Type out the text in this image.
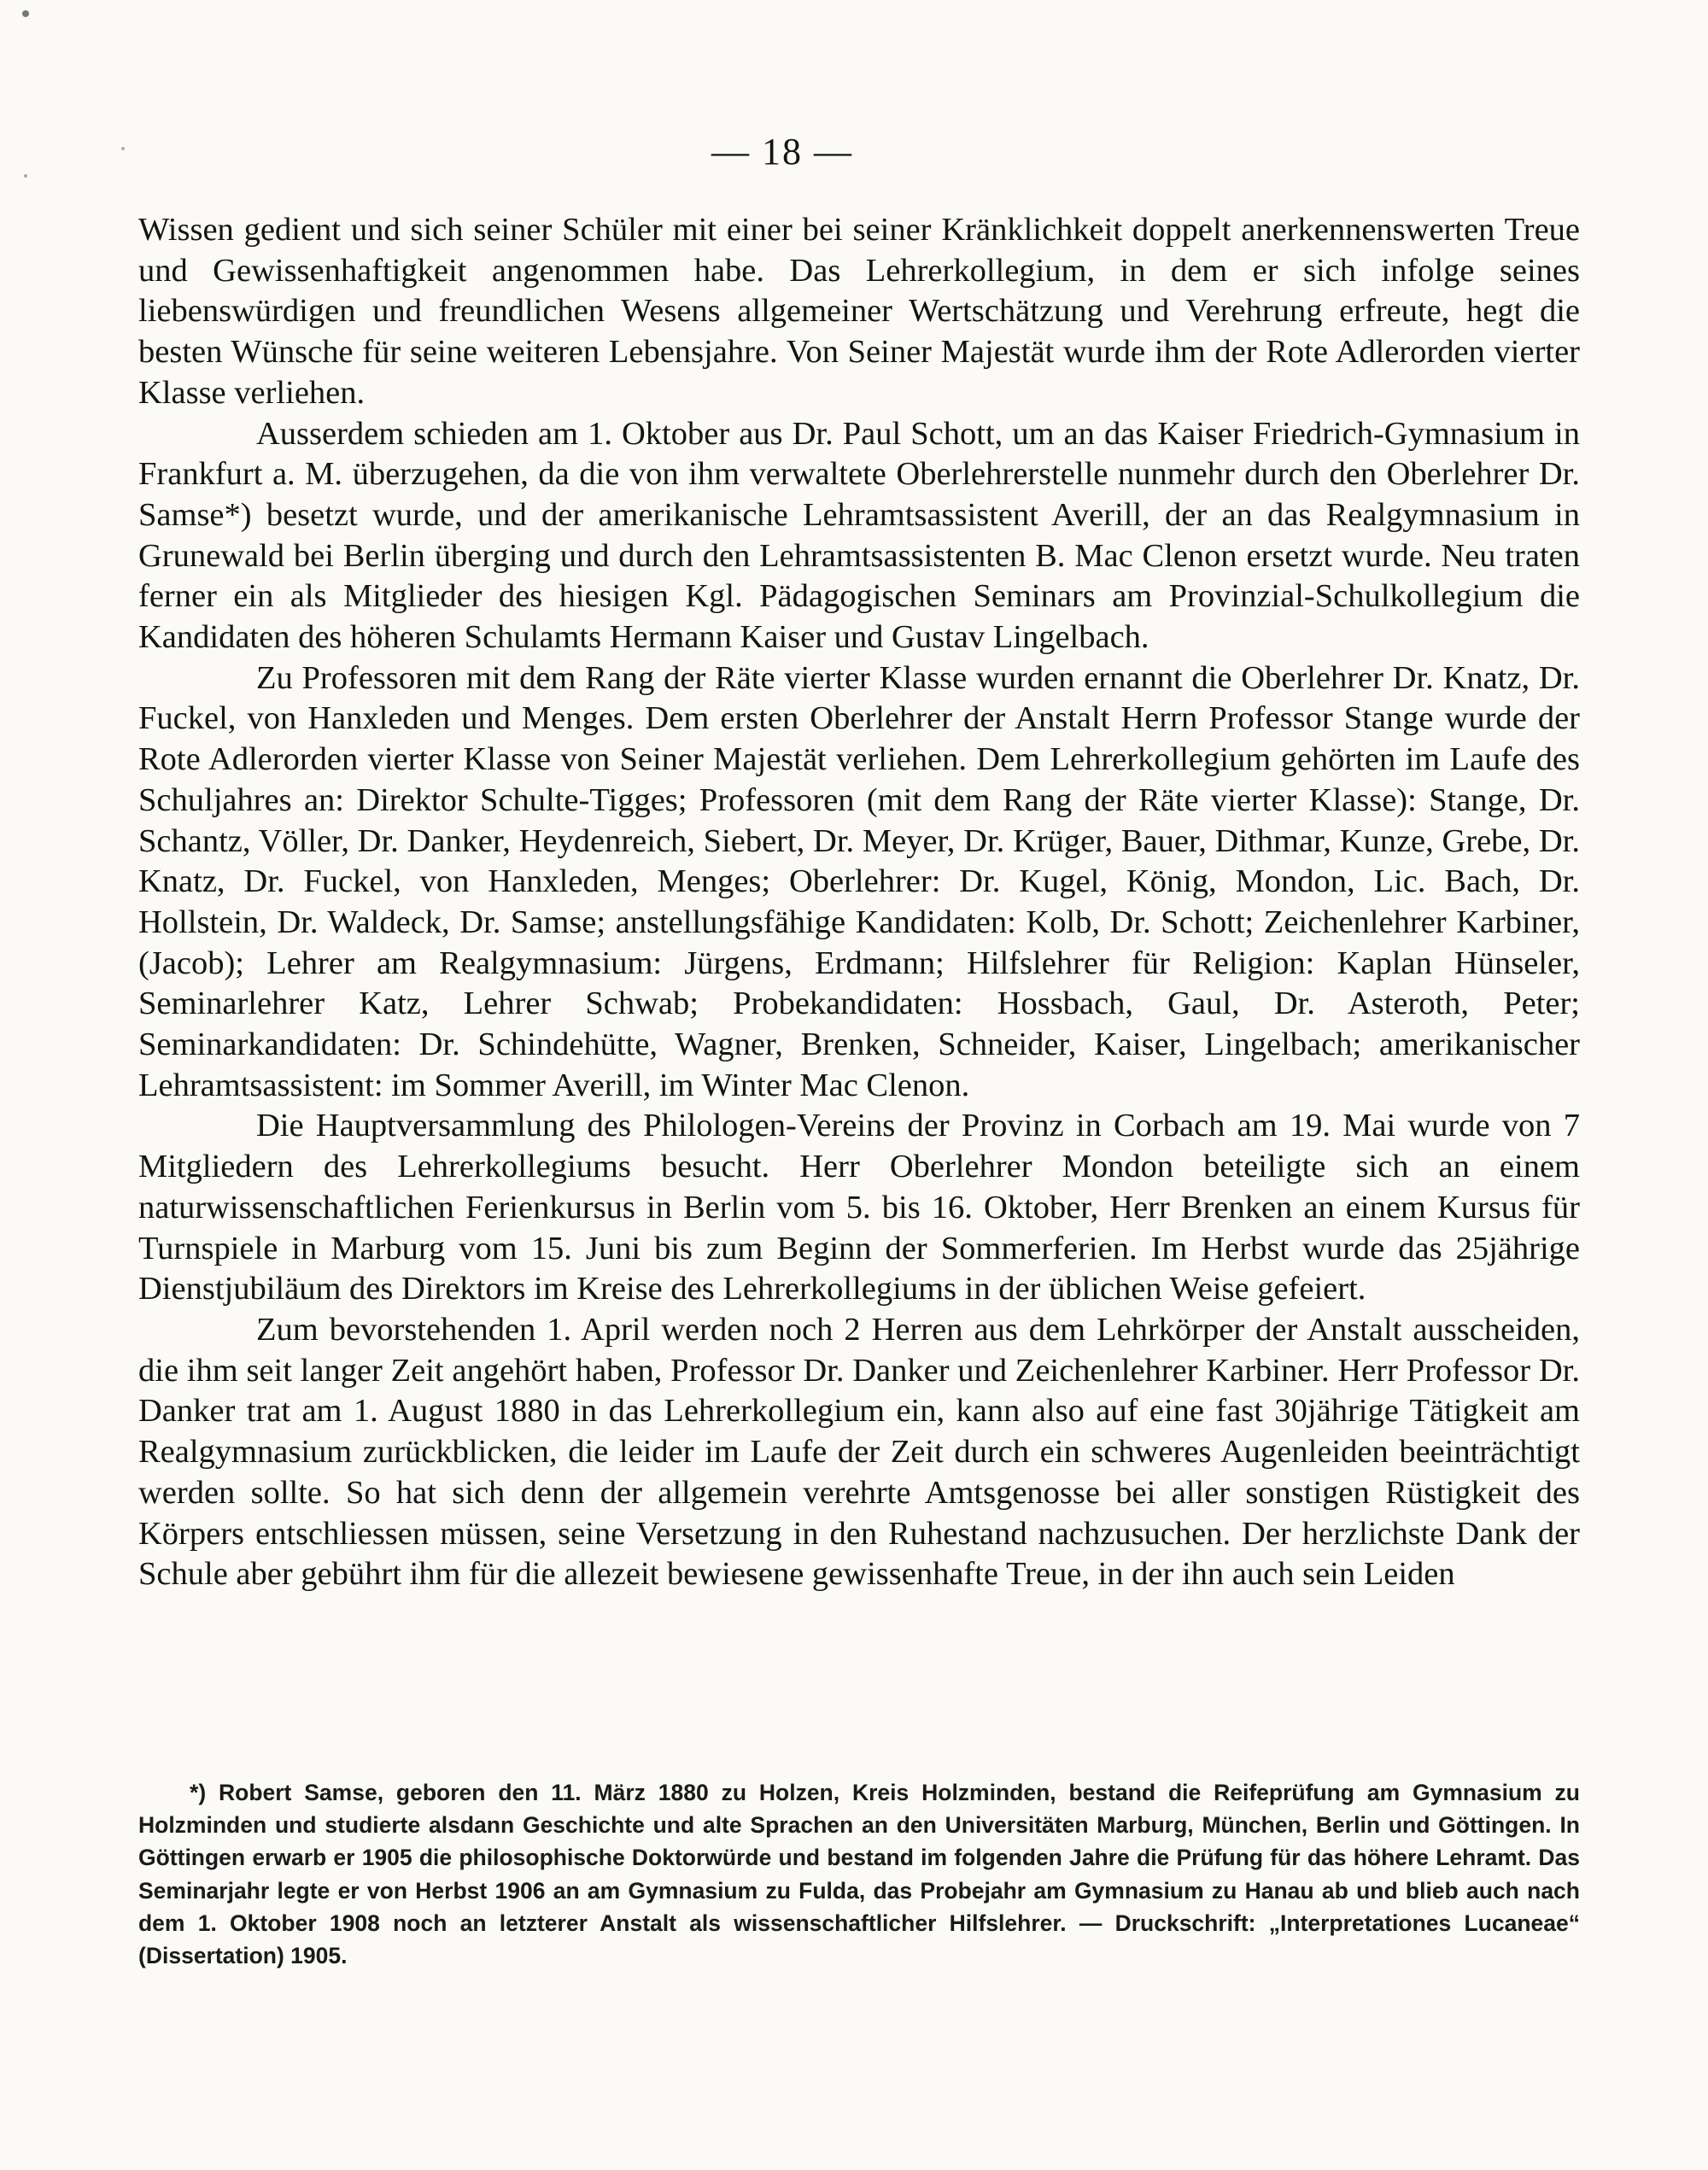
— 18 —

Wissen gedient und sich seiner Schüler mit einer bei seiner Kränklichkeit doppelt anerkennenswerten Treue und Gewissenhaftigkeit angenommen habe. Das Lehrerkollegium, in dem er sich infolge seines liebenswürdigen und freundlichen Wesens allgemeiner Wertschätzung und Verehrung erfreute, hegt die besten Wünsche für seine weiteren Lebensjahre. Von Seiner Majestät wurde ihm der Rote Adlerorden vierter Klasse verliehen.

Ausserdem schieden am 1. Oktober aus Dr. Paul Schott, um an das Kaiser Friedrich-Gymnasium in Frankfurt a. M. überzugehen, da die von ihm verwaltete Oberlehrerstelle nunmehr durch den Oberlehrer Dr. Samse*) besetzt wurde, und der amerikanische Lehramtsassistent Averill, der an das Realgymnasium in Grunewald bei Berlin überging und durch den Lehramtsassistenten B. Mac Clenon ersetzt wurde. Neu traten ferner ein als Mitglieder des hiesigen Kgl. Pädagogischen Seminars am Provinzial-Schulkollegium die Kandidaten des höheren Schulamts Hermann Kaiser und Gustav Lingelbach.

Zu Professoren mit dem Rang der Räte vierter Klasse wurden ernannt die Oberlehrer Dr. Knatz, Dr. Fuckel, von Hanxleden und Menges. Dem ersten Oberlehrer der Anstalt Herrn Professor Stange wurde der Rote Adlerorden vierter Klasse von Seiner Majestät verliehen. Dem Lehrerkollegium gehörten im Laufe des Schuljahres an: Direktor Schulte-Tigges; Professoren (mit dem Rang der Räte vierter Klasse): Stange, Dr. Schantz, Völler, Dr. Danker, Heydenreich, Siebert, Dr. Meyer, Dr. Krüger, Bauer, Dithmar, Kunze, Grebe, Dr. Knatz, Dr. Fuckel, von Hanxleden, Menges; Oberlehrer: Dr. Kugel, König, Mondon, Lic. Bach, Dr. Hollstein, Dr. Waldeck, Dr. Samse; anstellungsfähige Kandidaten: Kolb, Dr. Schott; Zeichenlehrer Karbiner, (Jacob); Lehrer am Realgymnasium: Jürgens, Erdmann; Hilfslehrer für Religion: Kaplan Hünseler, Seminarlehrer Katz, Lehrer Schwab; Probekandidaten: Hossbach, Gaul, Dr. Asteroth, Peter; Seminarkandidaten: Dr. Schindehütte, Wagner, Brenken, Schneider, Kaiser, Lingelbach; amerikanischer Lehramtsassistent: im Sommer Averill, im Winter Mac Clenon.

Die Hauptversammlung des Philologen-Vereins der Provinz in Corbach am 19. Mai wurde von 7 Mitgliedern des Lehrerkollegiums besucht. Herr Oberlehrer Mondon beteiligte sich an einem naturwissenschaftlichen Ferienkursus in Berlin vom 5. bis 16. Oktober, Herr Brenken an einem Kursus für Turnspiele in Marburg vom 15. Juni bis zum Beginn der Sommerferien. Im Herbst wurde das 25jährige Dienstjubiläum des Direktors im Kreise des Lehrerkollegiums in der üblichen Weise gefeiert.

Zum bevorstehenden 1. April werden noch 2 Herren aus dem Lehrkörper der Anstalt ausscheiden, die ihm seit langer Zeit angehört haben, Professor Dr. Danker und Zeichenlehrer Karbiner. Herr Professor Dr. Danker trat am 1. August 1880 in das Lehrerkollegium ein, kann also auf eine fast 30jährige Tätigkeit am Realgymnasium zurückblicken, die leider im Laufe der Zeit durch ein schweres Augenleiden beeinträchtigt werden sollte. So hat sich denn der allgemein verehrte Amtsgenosse bei aller sonstigen Rüstigkeit des Körpers entschliessen müssen, seine Versetzung in den Ruhestand nachzusuchen. Der herzlichste Dank der Schule aber gebührt ihm für die allezeit bewiesene gewissenhafte Treue, in der ihn auch sein Leiden

*) Robert Samse, geboren den 11. März 1880 zu Holzen, Kreis Holzminden, bestand die Reifeprüfung am Gymnasium zu Holzminden und studierte alsdann Geschichte und alte Sprachen an den Universitäten Marburg, München, Berlin und Göttingen. In Göttingen erwarb er 1905 die philosophische Doktorwürde und bestand im folgenden Jahre die Prüfung für das höhere Lehramt. Das Seminarjahr legte er von Herbst 1906 an am Gymnasium zu Fulda, das Probejahr am Gymnasium zu Hanau ab und blieb auch nach dem 1. Oktober 1908 noch an letzterer Anstalt als wissenschaftlicher Hilfslehrer. — Druckschrift: „Interpretationes Lucaneae“ (Dissertation) 1905.
